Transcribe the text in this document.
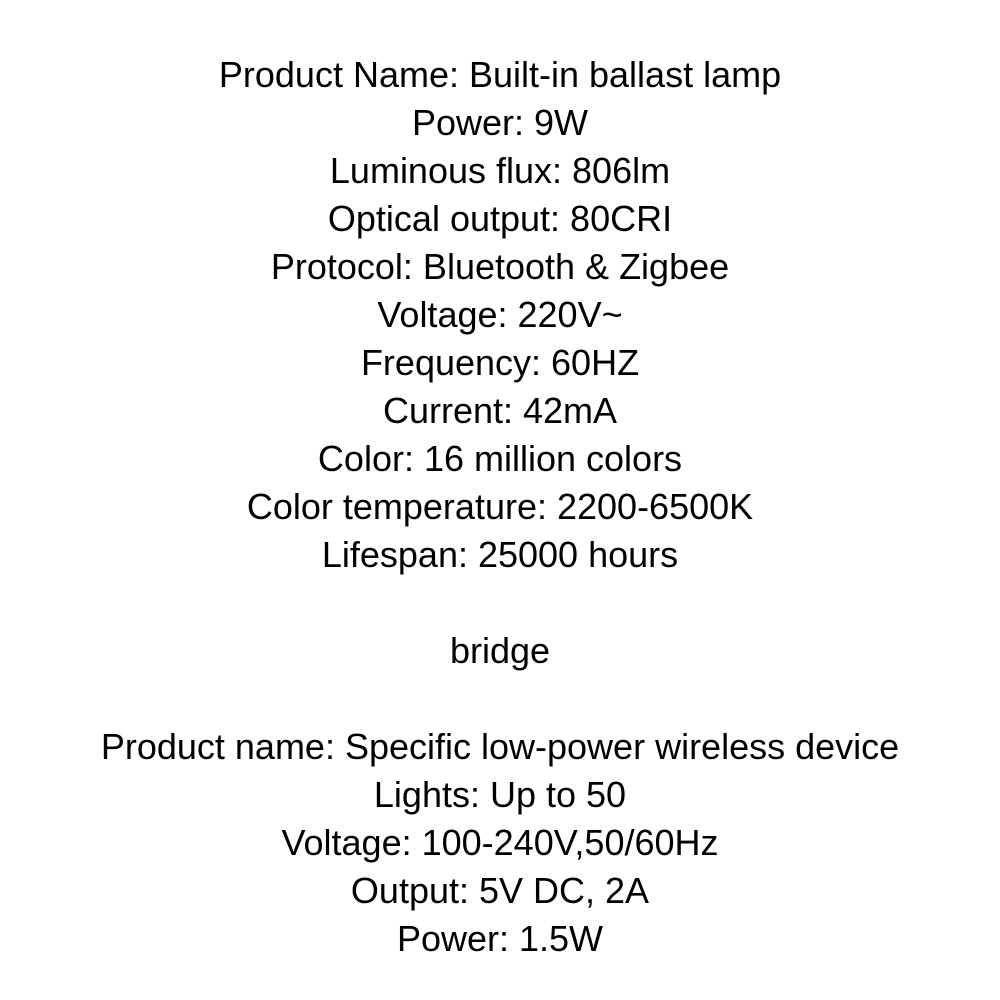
Product Name: Built-in ballast lamp
Power: 9W
Luminous flux: 806lm
Optical output: 80CRI
Protocol: Bluetooth & Zigbee
Voltage: 220V~
Frequency: 60HZ
Current: 42mA
Color: 16 million colors
Color temperature: 2200-6500K
Lifespan: 25000 hours
bridge
Product name: Specific low-power wireless device
Lights: Up to 50
Voltage: 100-240V,50/60Hz
Output: 5V DC, 2A
Power: 1.5W
